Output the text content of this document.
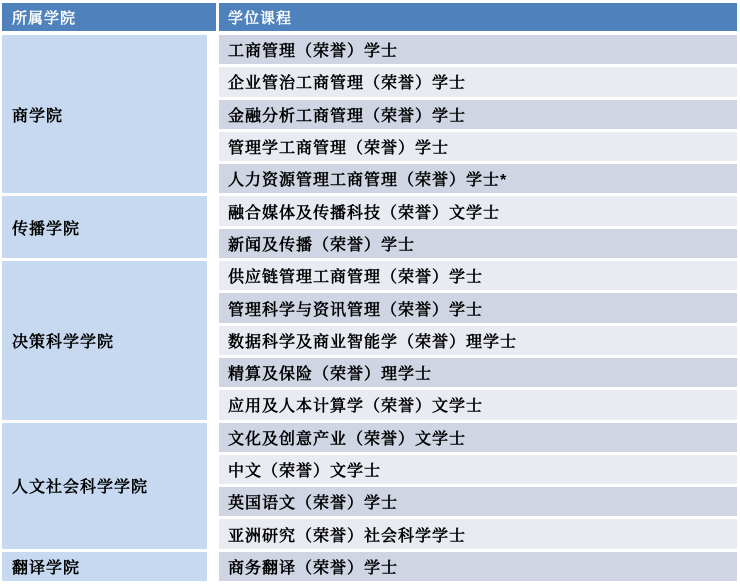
所属学院	学位课程
商学院
工商管理（荣誉）学士
企业管治工商管理（荣誉）学士
金融分析工商管理（荣誉）学士
管理学工商管理（荣誉）学士
人力资源管理工商管理（荣誉）学士*
传播学院
融合媒体及传播科技（荣誉）文学士
新闻及传播（荣誉）学士
决策科学学院
供应链管理工商管理（荣誉）学士
管理科学与资讯管理（荣誉）学士
数据科学及商业智能学（荣誉）理学士
精算及保险（荣誉）理学士
应用及人本计算学（荣誉）文学士
人文社会科学学院
文化及创意产业（荣誉）文学士
中文（荣誉）文学士
英国语文（荣誉）学士
亚洲研究（荣誉）社会科学学士
翻译学院	商务翻译（荣誉）学士
